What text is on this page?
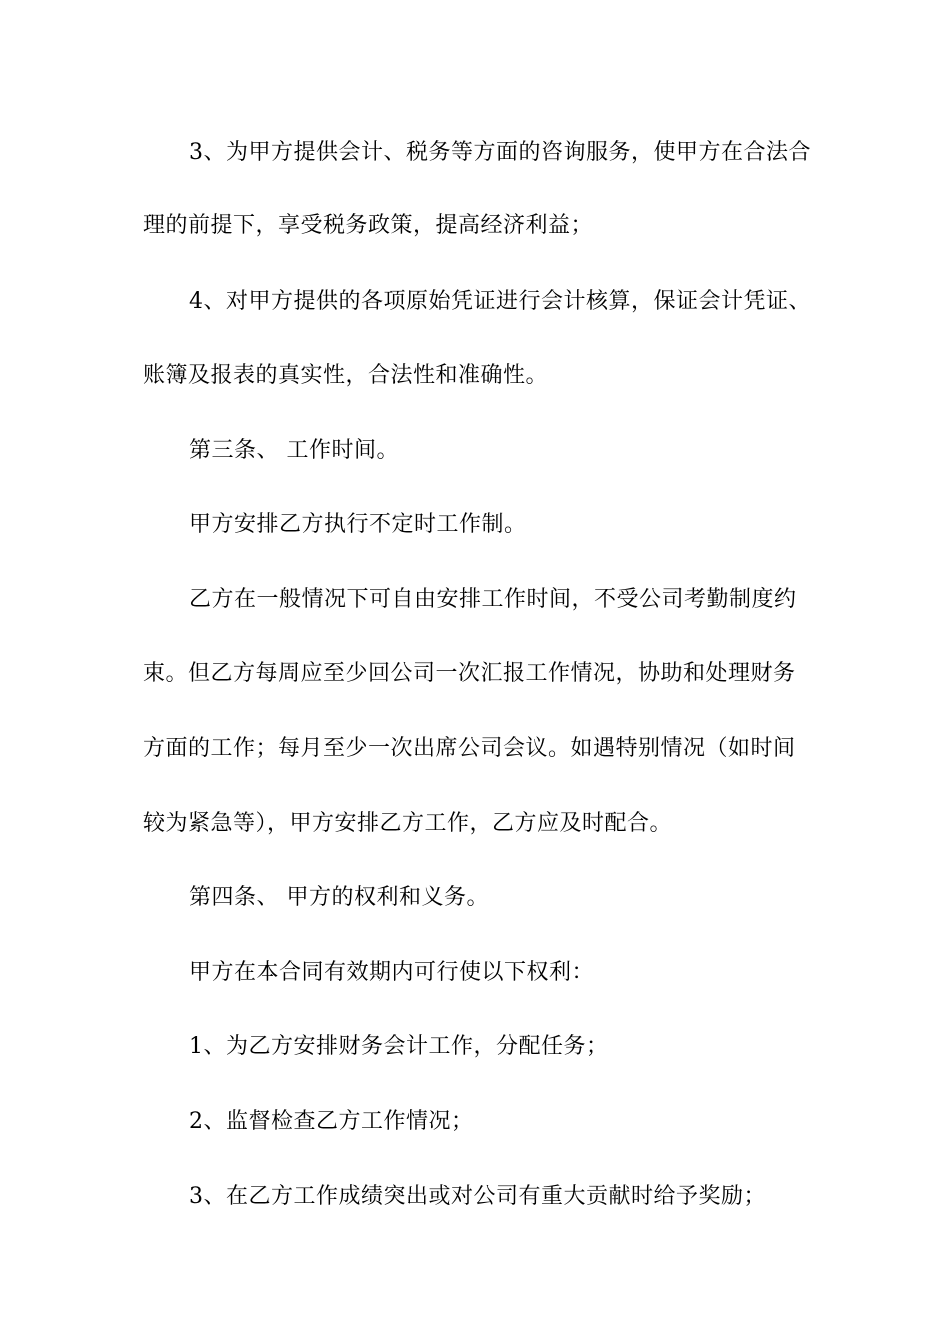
3、为甲方提供会计、税务等方面的咨询服务，使甲方在合法合
理的前提下，享受税务政策，提高经济利益；
4、对甲方提供的各项原始凭证进行会计核算，保证会计凭证、
账簿及报表的真实性，合法性和准确性。
第三条、 工作时间。
甲方安排乙方执行不定时工作制。
乙方在一般情况下可自由安排工作时间，不受公司考勤制度约
束。但乙方每周应至少回公司一次汇报工作情况，协助和处理财务
方面的工作；每月至少一次出席公司会议。如遇特别情况（如时间
较为紧急等），甲方安排乙方工作，乙方应及时配合。
第四条、 甲方的权利和义务。
甲方在本合同有效期内可行使以下权利：
1、为乙方安排财务会计工作，分配任务；
2、监督检查乙方工作情况；
3、在乙方工作成绩突出或对公司有重大贡献时给予奖励；
